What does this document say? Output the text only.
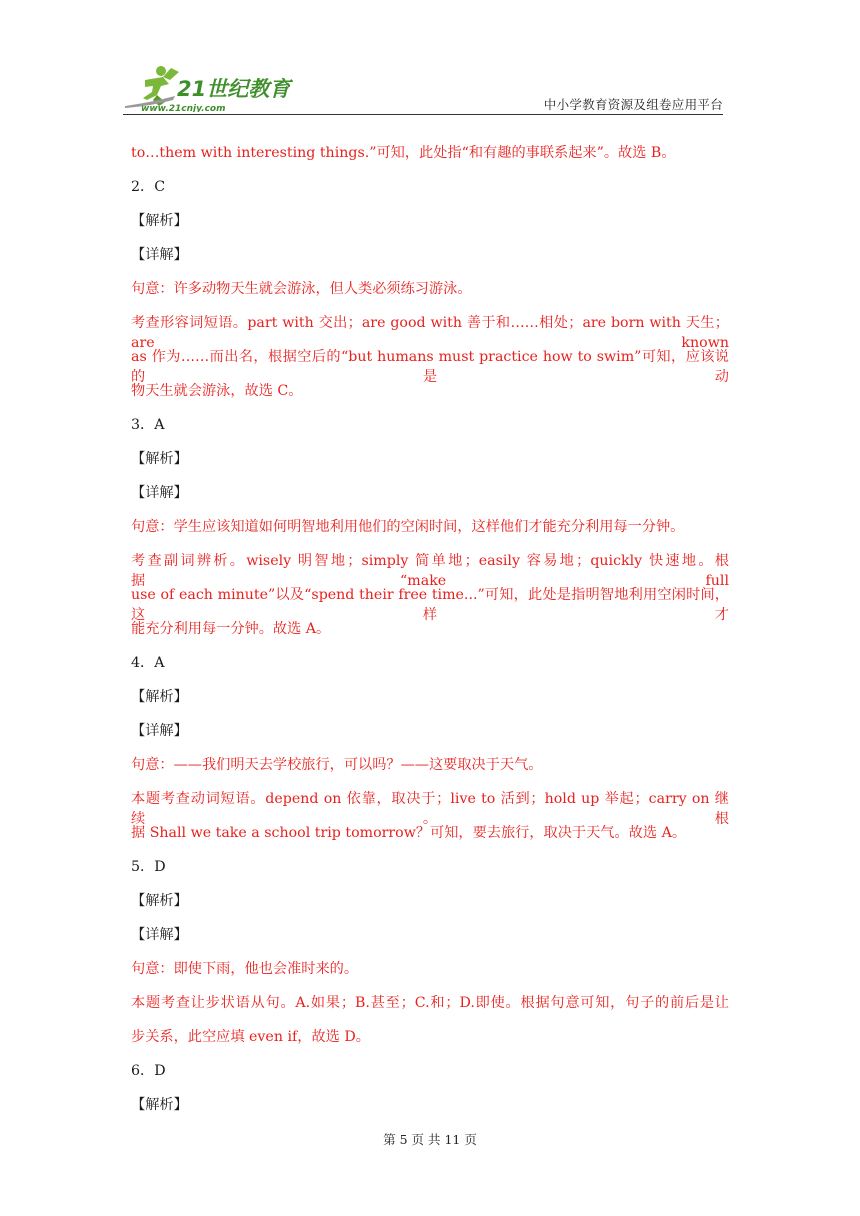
21世纪教育
www.21cnjy.com	中小学教育资源及组卷应用平台
to…them with interesting things.”可知，此处指“和有趣的事联系起来”。故选 B。
2．C
【解析】
【详解】
句意：许多动物天生就会游泳，但人类必须练习游泳。
考查形容词短语。part with 交出；are good with 善于和……相处；are born with 天生；are known
as 作为……而出名，根据空后的“but humans must practice how to swim”可知，应该说的是动
物天生就会游泳，故选 C。
3．A
【解析】
【详解】
句意：学生应该知道如何明智地利用他们的空闲时间，这样他们才能充分利用每一分钟。
考查副词辨析。wisely 明智地；simply 简单地；easily 容易地；quickly 快速地。根据“make full
use of each minute”以及“spend their free time...”可知，此处是指明智地利用空闲时间，这样才
能充分利用每一分钟。故选 A。
4．A
【解析】
【详解】
句意：——我们明天去学校旅行，可以吗？——这要取决于天气。
本题考查动词短语。depend on 依靠，取决于；live to 活到；hold up 举起；carry on 继续。根
据 Shall we take a school trip tomorrow？可知，要去旅行，取决于天气。故选 A。
5．D
【解析】
【详解】
句意：即使下雨，他也会准时来的。
本题考查让步状语从句。A.如果；B.甚至；C.和；D.即使。根据句意可知，句子的前后是让
步关系，此空应填 even if，故选 D。
6．D
【解析】
第 5 页 共 11 页
